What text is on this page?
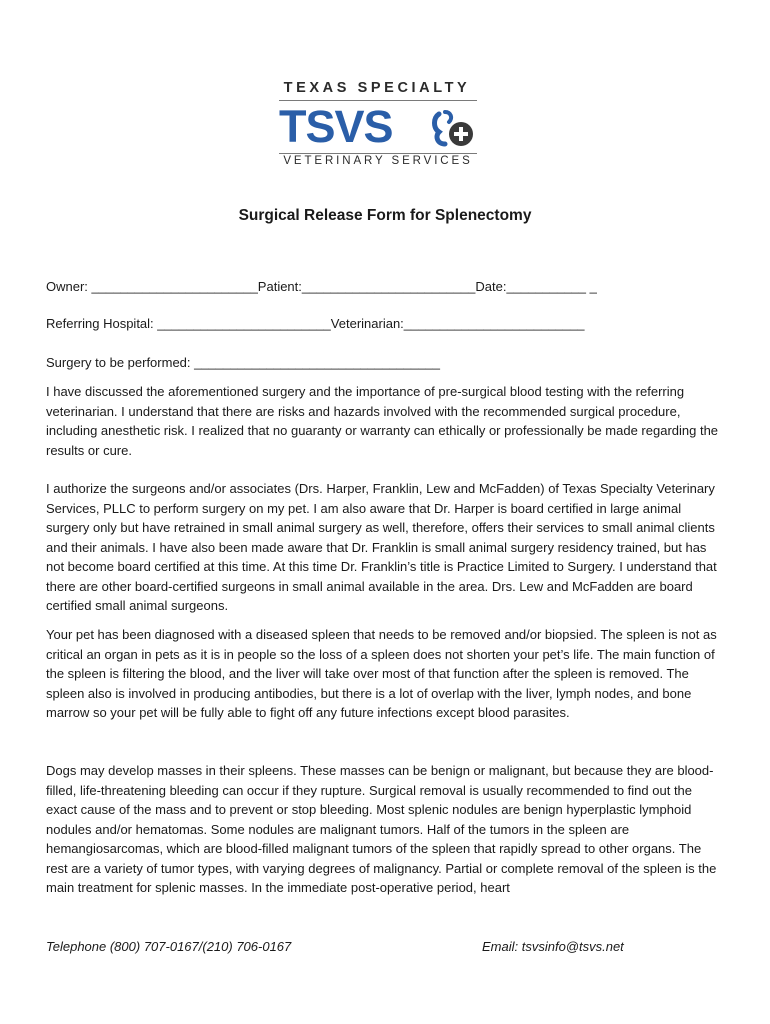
TEXAS SPECIALTY
TSVS
VETERINARY SERVICES
Surgical Release Form for Splenectomy
Owner: _______________________Patient:________________________Date:___________ _
Referring Hospital: ________________________Veterinarian:_________________________
Surgery to be performed: __________________________________

I have discussed the aforementioned surgery and the importance of pre-surgical blood testing with the referring veterinarian. I understand that there are risks and hazards involved with the recommended surgical procedure, including anesthetic risk. I realized that no guaranty or warranty can ethically or professionally be made regarding the results or cure.

I authorize the surgeons and/or associates (Drs. Harper, Franklin, Lew and McFadden) of Texas Specialty Veterinary Services, PLLC to perform surgery on my pet. I am also aware that Dr. Harper is board certified in large animal surgery only but have retrained in small animal surgery as well, therefore, offers their services to small animal clients and their animals. I have also been made aware that Dr. Franklin is small animal surgery residency trained, but has not become board certified at this time. At this time Dr. Franklin’s title is Practice Limited to Surgery. I understand that there are other board-certified surgeons in small animal available in the area. Drs. Lew and McFadden are board certified small animal surgeons.

Your pet has been diagnosed with a diseased spleen that needs to be removed and/or biopsied. The spleen is not as critical an organ in pets as it is in people so the loss of a spleen does not shorten your pet’s life. The main function of the spleen is filtering the blood, and the liver will take over most of that function after the spleen is removed. The spleen also is involved in producing antibodies, but there is a lot of overlap with the liver, lymph nodes, and bone marrow so your pet will be fully able to fight off any future infections except blood parasites.

Dogs may develop masses in their spleens. These masses can be benign or malignant, but because they are blood-filled, life-threatening bleeding can occur if they rupture. Surgical removal is usually recommended to find out the exact cause of the mass and to prevent or stop bleeding. Most splenic nodules are benign hyperplastic lymphoid nodules and/or hematomas. Some nodules are malignant tumors. Half of the tumors in the spleen are hemangiosarcomas, which are blood-filled malignant tumors of the spleen that rapidly spread to other organs. The rest are a variety of tumor types, with varying degrees of malignancy. Partial or complete removal of the spleen is the main treatment for splenic masses. In the immediate post-operative period, heart

Telephone (800) 707-0167/(210) 706-0167	Email: tsvsinfo@tsvs.net
